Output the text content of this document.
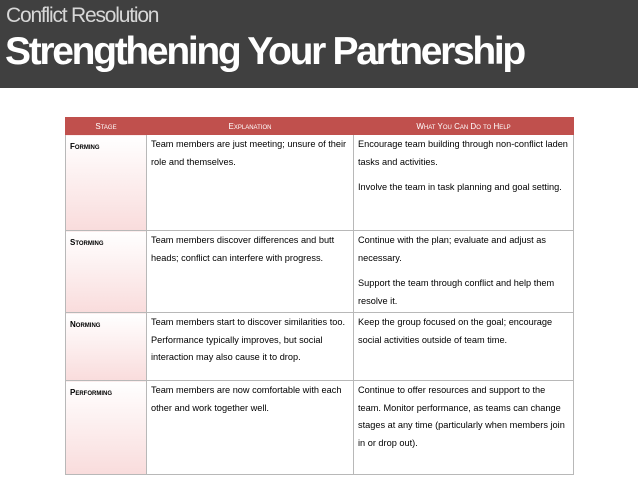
Conflict Resolution
Strengthening Your Partnership
Stage	Explanation	What You Can Do to Help
Forming	Team members are just meeting; unsure of their role and themselves.	Encourage team building through non-conflict laden tasks and activities.

Involve the team in task planning and goal setting.

Storming	Team members discover differences and butt heads; conflict can interfere with progress.	Continue with the plan; evaluate and adjust as necessary.

Support the team through conflict and help them resolve it.

Norming	Team members start to discover similarities too. Performance typically improves, but social interaction may also cause it to drop.	Keep the group focused on the goal; encourage social activities outside of team time.

Performing	Team members are now comfortable with each other and work together well.	Continue to offer resources and support to the team. Monitor performance, as teams can change stages at any time (particularly when members join in or drop out).
